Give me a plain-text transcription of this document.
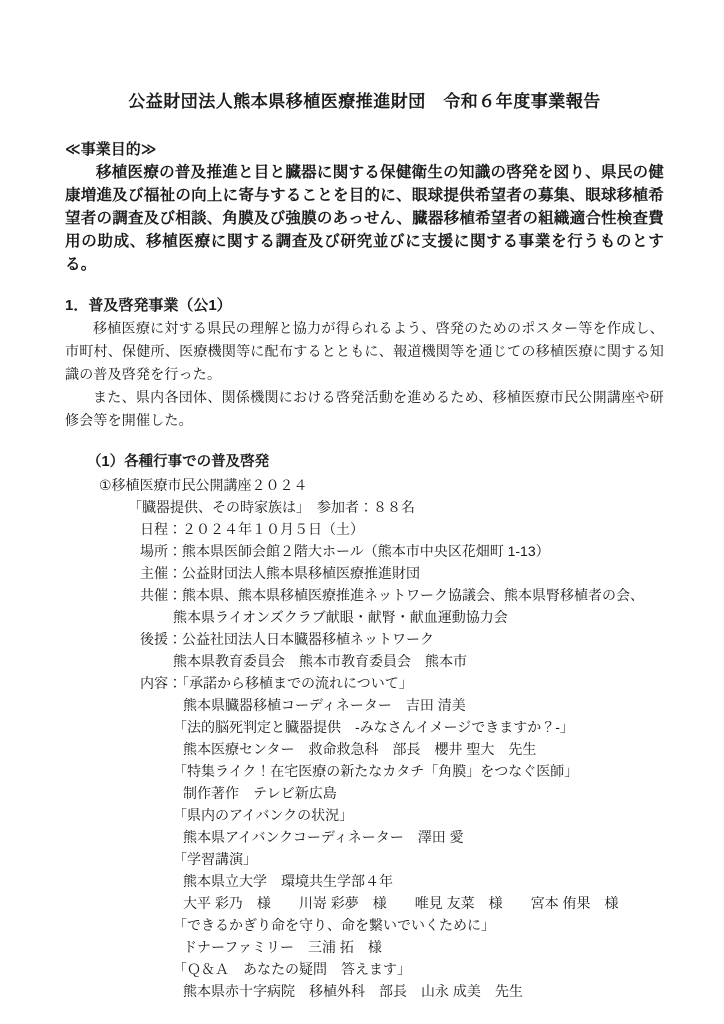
公益財団法人熊本県移植医療推進財団　令和６年度事業報告
≪事業目的≫

移植医療の普及推進と目と臓器に関する保健衛生の知識の啓発を図り、県民の健康増進及び福祉の向上に寄与することを目的に、眼球提供希望者の募集、眼球移植希望者の調査及び相談、角膜及び強膜のあっせん、臓器移植希望者の組織適合性検査費用の助成、移植医療に関する調査及び研究並びに支援に関する事業を行うものとする。

1．普及啓発事業（公1）

移植医療に対する県民の理解と協力が得られるよう、啓発のためのポスター等を作成し、市町村、保健所、医療機関等に配布するとともに、報道機関等を通じての移植医療に関する知識の普及啓発を行った。

また、県内各団体、関係機関における啓発活動を進めるため、移植医療市民公開講座や研修会等を開催した。

（1）各種行事での普及啓発
①移植医療市民公開講座２０２４
「臓器提供、その時家族は」　参加者：８８名
日程：２０２４年１０月５日（土）
場所：熊本県医師会館２階大ホール（熊本市中央区花畑町 1-13）
主催：公益財団法人熊本県移植医療推進財団
共催：熊本県、熊本県移植医療推進ネットワーク協議会、熊本県腎移植者の会、
熊本県ライオンズクラブ献眼・献腎・献血運動協力会
後援：公益社団法人日本臓器移植ネットワーク
熊本県教育委員会　熊本市教育委員会　熊本市
内容：「承諾から移植までの流れについて」
熊本県臓器移植コーディネーター　吉田 清美
「法的脳死判定と臓器提供　-みなさんイメージできますか？-」
熊本医療センター　救命救急科　部長　櫻井 聖大　先生
「特集ライク！在宅医療の新たなカタチ「角膜」をつなぐ医師」
制作著作　テレビ新広島
「県内のアイバンクの状況」
熊本県アイバンクコーディネーター　澤田 愛
「学習講演」
熊本県立大学　環境共生学部４年
大平 彩乃　様　　川嵜 彩夢　様　　唯見 友菜　様　　宮本 侑果　様
「できるかぎり命を守り、命を繋いでいくために」
ドナーファミリー　三浦 拓　様
「Ｑ＆Ａ　あなたの疑問　答えます」
熊本県赤十字病院　移植外科　部長　山永 成美　先生
